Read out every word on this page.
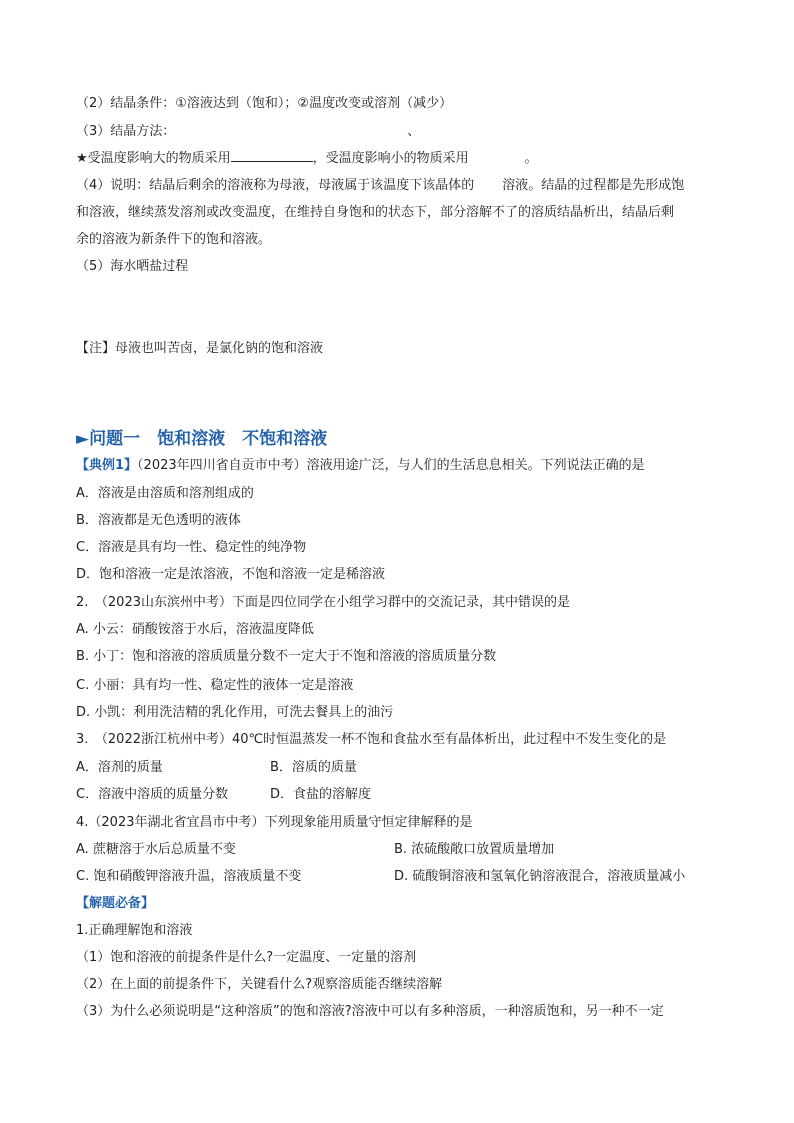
（2）结晶条件：①溶液达到（饱和）；②温度改变或溶剂（减少）
（3）结晶方法：	、
★受温度影响大的物质采用	，受温度影响小的物质采用	。
（4）说明：结晶后剩余的溶液称为母液，母液属于该温度下该晶体的 溶液。结晶的过程都是先形成饱
和溶液，继续蒸发溶剂或改变温度，在维持自身饱和的状态下，部分溶解不了的溶质结晶析出，结晶后剩
余的溶液为新条件下的饱和溶液。
（5）海水晒盐过程
【注】母液也叫苦卤，是氯化钠的饱和溶液
►问题一　饱和溶液　不饱和溶液
【典例1】（2023年四川省自贡市中考）溶液用途广泛，与人们的生活息息相关。下列说法正确的是
A．溶液是由溶质和溶剂组成的
B．溶液都是无色透明的液体
C．溶液是具有均一性、稳定性的纯净物
D．饱和溶液一定是浓溶液，不饱和溶液一定是稀溶液
2.　（2023山东滨州中考）下面是四位同学在小组学习群中的交流记录，其中错误的是
A. 小云：硝酸铵溶于水后，溶液温度降低
B. 小丁：饱和溶液的溶质质量分数不一定大于不饱和溶液的溶质质量分数
C. 小丽：具有均一性、稳定性的液体一定是溶液
D. 小凯：利用洗洁精的乳化作用，可洗去餐具上的油污
3.　（2022浙江杭州中考）40℃时恒温蒸发一杯不饱和食盐水至有晶体析出，此过程中不发生变化的是
A．溶剂的质量	B．溶质的质量
C．溶液中溶质的质量分数	D．食盐的溶解度
4.（2023年湖北省宜昌市中考）下列现象能用质量守恒定律解释的是
A. 蔗糖溶于水后总质量不变	B. 浓硫酸敞口放置质量增加
C. 饱和硝酸钾溶液升温，溶液质量不变	D. 硫酸铜溶液和氢氧化钠溶液混合，溶液质量减小
【解题必备】
1.正确理解饱和溶液
（1）饱和溶液的前提条件是什么?一定温度、一定量的溶剂
（2）在上面的前提条件下，关键看什么?观察溶质能否继续溶解
（3）为什么必须说明是“这种溶质”的饱和溶液?溶液中可以有多种溶质，一种溶质饱和，另一种不一定
